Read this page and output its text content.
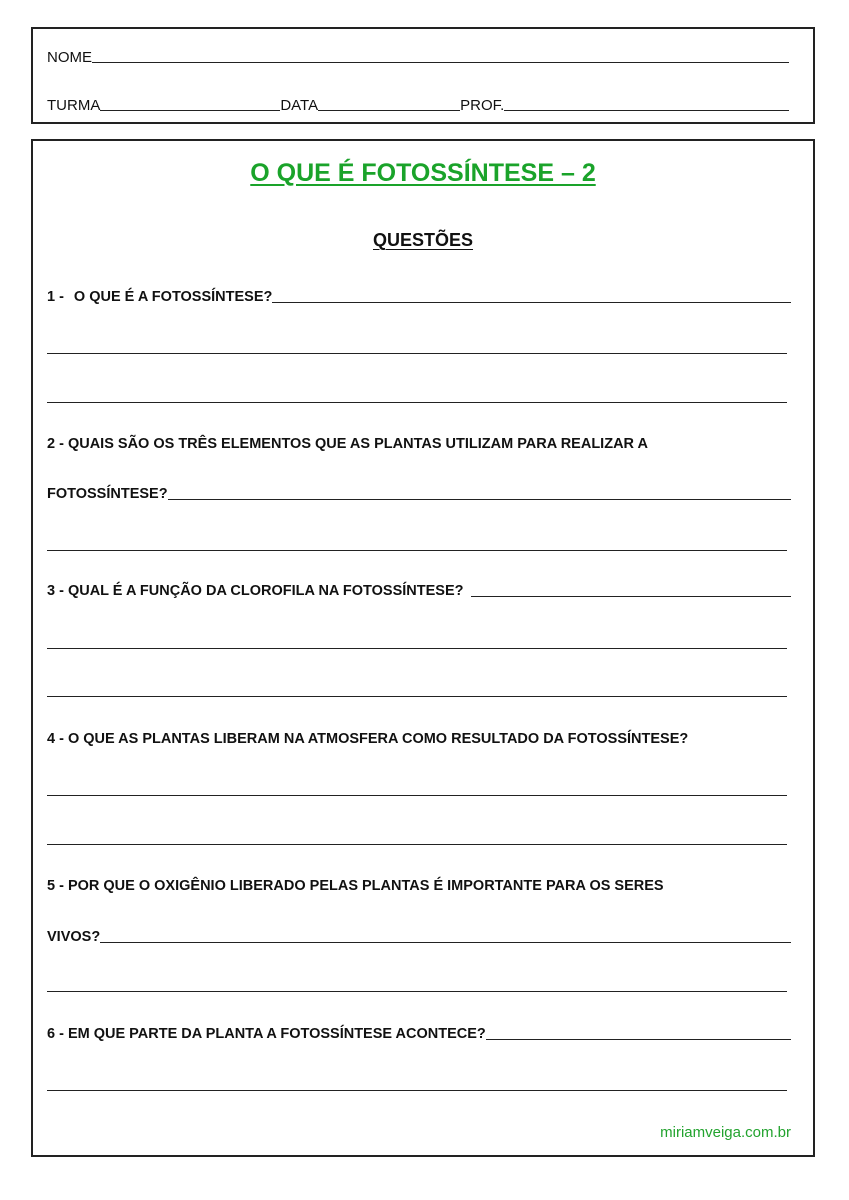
NOME
TURMA	DATA	PROF.
O QUE É FOTOSSÍNTESE – 2
QUESTÕES
1 - O QUE É A FOTOSSÍNTESE?
2 - QUAIS SÃO OS TRÊS ELEMENTOS QUE AS PLANTAS UTILIZAM PARA REALIZAR A
FOTOSSÍNTESE?
3 - QUAL É A FUNÇÃO DA CLOROFILA NA FOTOSSÍNTESE?
4 - O QUE AS PLANTAS LIBERAM NA ATMOSFERA COMO RESULTADO DA FOTOSSÍNTESE?
5 - POR QUE O OXIGÊNIO LIBERADO PELAS PLANTAS É IMPORTANTE PARA OS SERES
VIVOS?
6 - EM QUE PARTE DA PLANTA A FOTOSSÍNTESE ACONTECE?
miriamveiga.com.br
